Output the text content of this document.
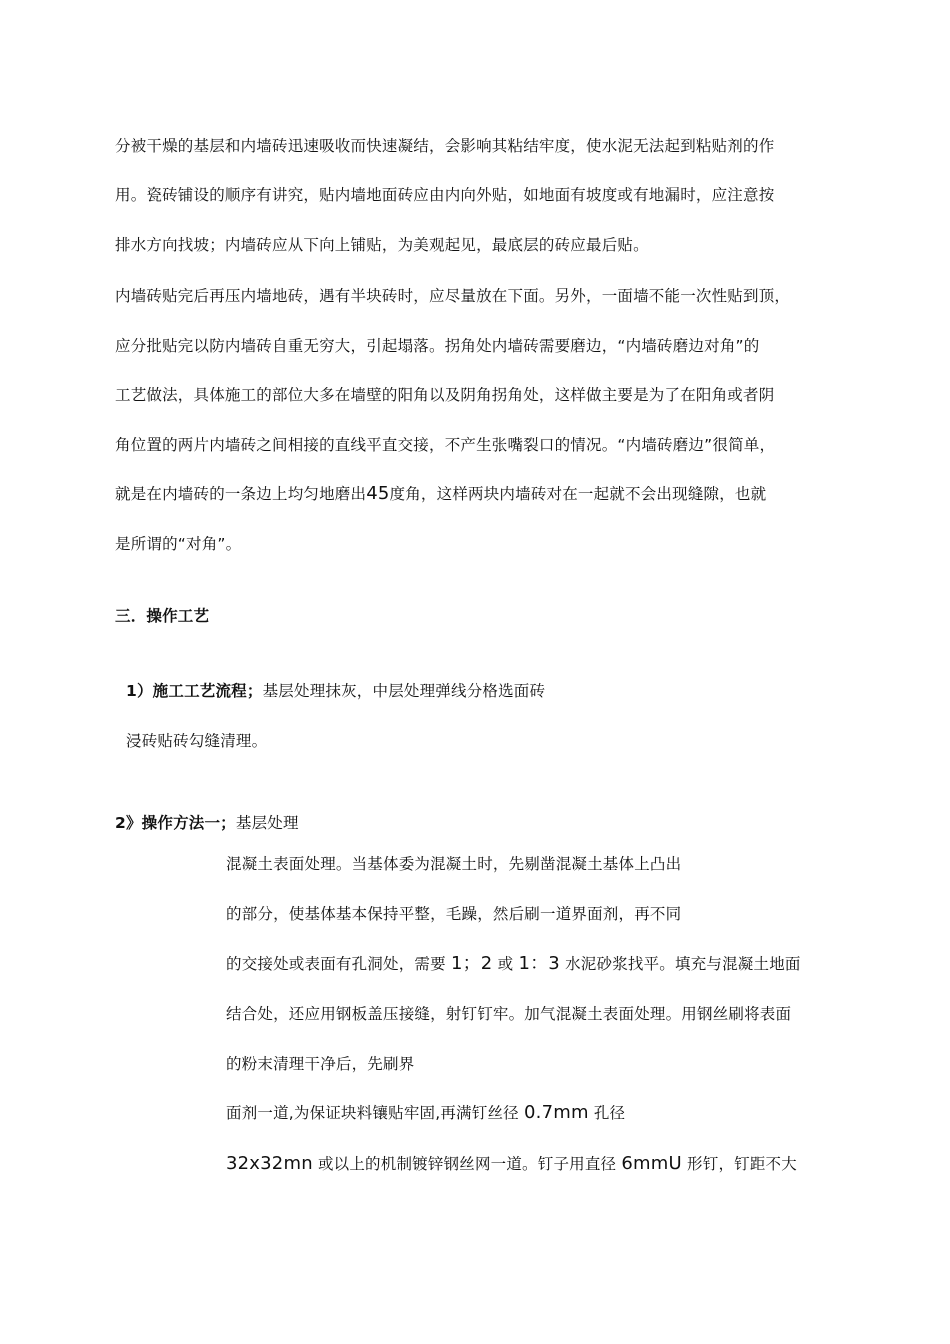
分被干燥的基层和内墙砖迅速吸收而快速凝结，会影响其粘结牢度，使水泥无法起到粘贴剂的作
用。瓷砖铺设的顺序有讲究，贴内墙地面砖应由内向外贴，如地面有坡度或有地漏时，应注意按
排水方向找坡；内墙砖应从下向上铺贴，为美观起见，最底层的砖应最后贴。
内墙砖贴完后再压内墙地砖，遇有半块砖时，应尽量放在下面。另外，一面墙不能一次性贴到顶，
应分批贴完以防内墙砖自重无穷大，引起塌落。拐角处内墙砖需要磨边，“内墙砖磨边对角”的
工艺做法，具体施工的部位大多在墙壁的阳角以及阴角拐角处，这样做主要是为了在阳角或者阴
角位置的两片内墙砖之间相接的直线平直交接，不产生张嘴裂口的情况。“内墙砖磨边”很简单，
就是在内墙砖的一条边上均匀地磨出45度角，这样两块内墙砖对在一起就不会出现缝隙，也就
是所谓的“对角”。
三．操作工艺
1）施工工艺流程；基层处理抹灰，中层处理弹线分格选面砖
浸砖贴砖勾缝清理。
2》操作方法一；基层处理
混凝土表面处理。当基体委为混凝土时，先剔凿混凝土基体上凸出
的部分，使基体基本保持平整，毛躁，然后刷一道界面剂，再不同
的交接处或表面有孔洞处，需要 1；2 或 1：3 水泥砂浆找平。填充与混凝土地面
结合处，还应用钢板盖压接缝，射钉钉牢。加气混凝土表面处理。用钢丝刷将表面
的粉末清理干净后，先刷界
面剂一道,为保证块料镶贴牢固,再满钉丝径 0.7mm 孔径
32x32mn 或以上的机制镀锌钢丝网一道。钉子用直径 6mmU 形钉，钉距不大
